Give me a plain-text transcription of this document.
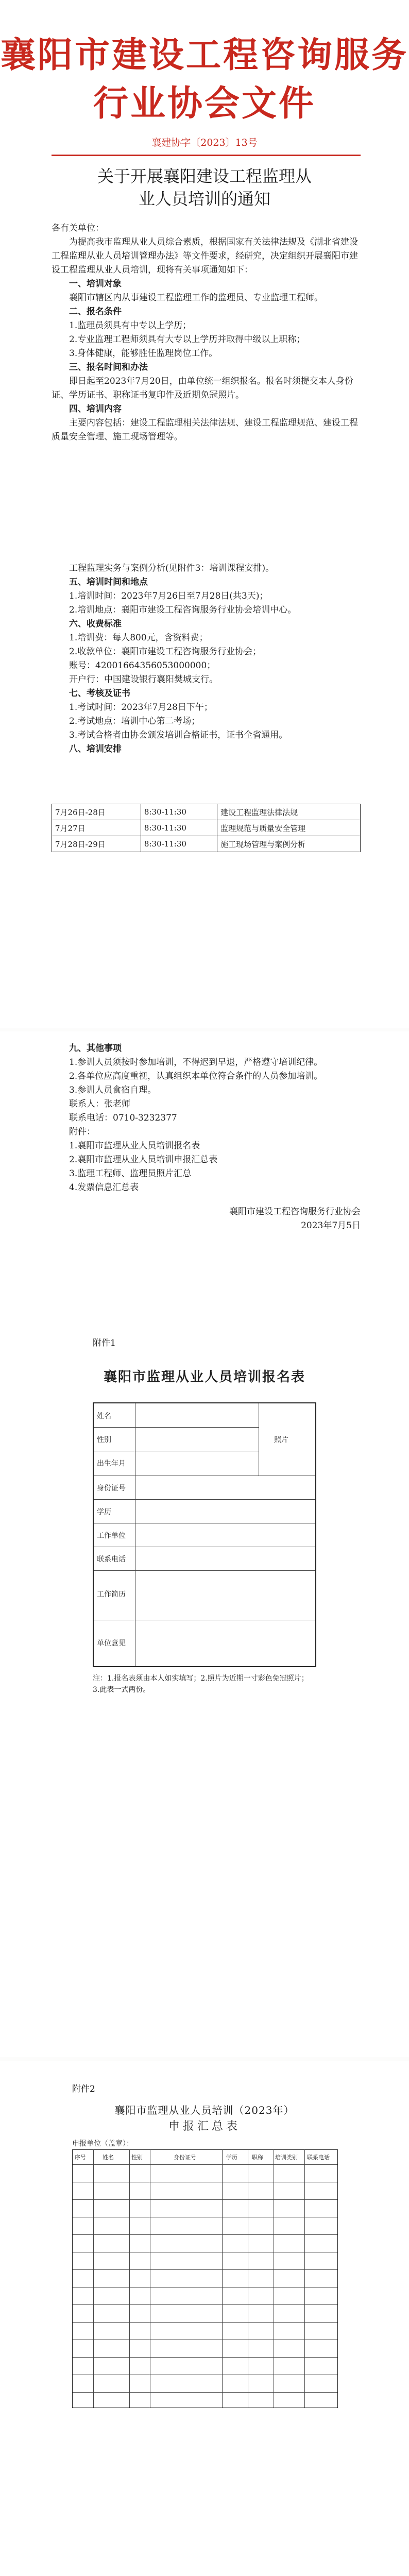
襄阳市建设工程咨询服务行业协会文件
襄建协字〔2023〕13号
关于开展襄阳建设工程监理从业人员培训的通知
各有关单位：

为提高我市监理从业人员综合素质，根据国家有关法律法规及《湖北省建设工程监理从业人员培训管理办法》等文件要求，经研究，决定组织开展襄阳市建设工程监理从业人员培训，现将有关事项通知如下：

一、培训对象

襄阳市辖区内从事建设工程监理工作的监理员、专业监理工程师。

二、报名条件

1.监理员须具有中专以上学历；

2.专业监理工程师须具有大专以上学历并取得中级以上职称；

3.身体健康，能够胜任监理岗位工作。

三、报名时间和办法

即日起至2023年7月20日，由单位统一组织报名。报名时须提交本人身份证、学历证书、职称证书复印件及近期免冠照片。

四、培训内容

主要内容包括：建设工程监理相关法律法规、建设工程监理规范、建设工程质量安全管理、施工现场管理等。

工程监理实务与案例分析(见附件3：培训课程安排)。

五、培训时间和地点

1.培训时间：2023年7月26日至7月28日(共3天)；

2.培训地点：襄阳市建设工程咨询服务行业协会培训中心。

六、收费标准

1.培训费：每人800元，含资料费；

2.收款单位：襄阳市建设工程咨询服务行业协会；

账号：42001664356053000000；

开户行：中国建设银行襄阳樊城支行。

七、考核及证书

1.考试时间：2023年7月28日下午；

2.考试地点：培训中心第二考场；

3.考试合格者由协会颁发培训合格证书，证书全省通用。

八、培训安排

7月26日-28日	8:30-11:30	建设工程监理法律法规
7月27日	8:30-11:30	监理规范与质量安全管理
7月28日-29日	8:30-11:30	施工现场管理与案例分析

九、其他事项

1.参训人员须按时参加培训，不得迟到早退，严格遵守培训纪律。

2.各单位应高度重视，认真组织本单位符合条件的人员参加培训。

3.参训人员食宿自理。

联系人：张老师

联系电话：0710-3232377

附件：

1.襄阳市监理从业人员培训报名表

2.襄阳市监理从业人员培训申报汇总表

3.监理工程师、监理员照片汇总

4.发票信息汇总表

襄阳市建设工程咨询服务行业协会
2023年7月5日
附件1
襄阳市监理从业人员培训报名表
姓名
性别
出生年月
身份证号
学历
工作单位
联系电话
工作简历
单位意见
照片
注：1.报名表须由本人如实填写；2.照片为近期一寸彩色免冠照片；3.此表一式两份。
附件2
襄阳市监理从业人员培训（2023年）
申报汇总表
申报单位（盖章）：
序号	姓名	性别	身份证号	学历	职称 培训类别 联系电话
